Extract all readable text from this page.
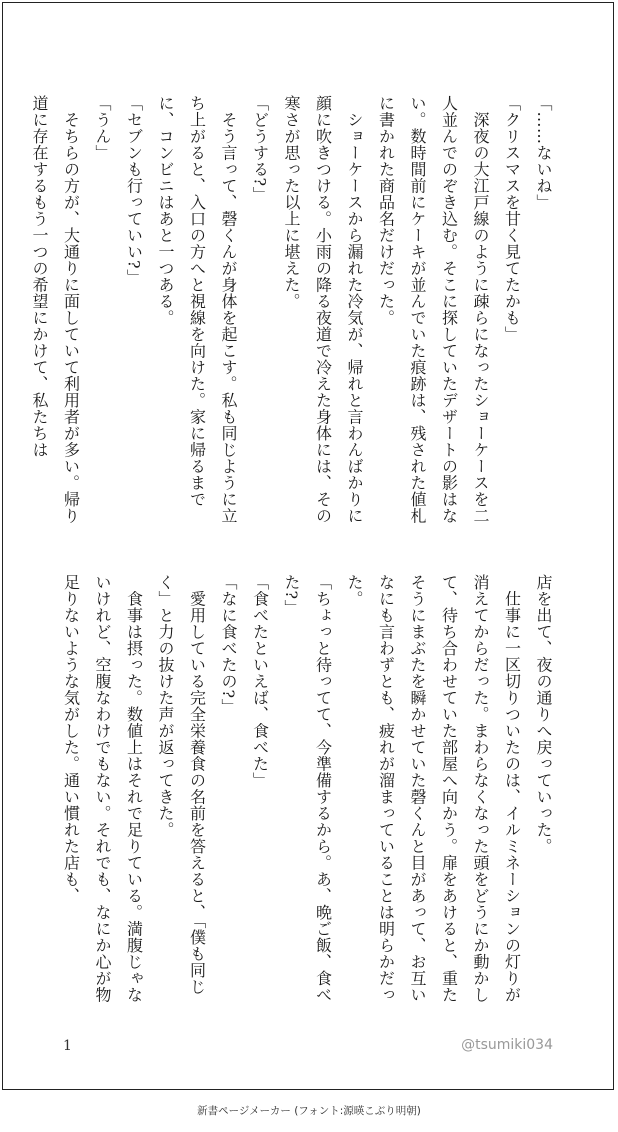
「……ないね」

「クリスマスを甘く見てたかも」

　深夜の大江戸線のように疎らになったショーケースを二人並んでのぞき込む。そこに探していたデザートの影はない。数時間前にケーキが並んでいた痕跡は、残された値札に書かれた商品名だけだった。

　ショーケースから漏れた冷気が、帰れと言わんばかりに顔に吹きつける。小雨の降る夜道で冷えた身体には、その寒さが思った以上に堪えた。

「どうする?」

　そう言って、磬くんが身体を起こす。私も同じように立ち上がると、入口の方へと視線を向けた。家に帰るまでに、コンビニはあと一つある。

「セブンも行っていい?」

「うん」

　そちらの方が、大通りに面していて利用者が多い。帰り道に存在するもう一つの希望にかけて、私たちは

店を出て、夜の通りへ戻っていった。

　仕事に一区切りついたのは、イルミネーションの灯りが消えてからだった。まわらなくなった頭をどうにか動かして、待ち合わせていた部屋へ向かう。扉をあけると、重たそうにまぶたを瞬かせていた磬くんと目があって、お互いなにも言わずとも、疲れが溜まっていることは明らかだった。

「ちょっと待ってて、今準備するから。あ、晩ご飯、食べた?」

「食べたといえば、食べた」

「なに食べたの?」

　愛用している完全栄養食の名前を答えると、「僕も同じく」と力の抜けた声が返ってきた。

　食事は摂った。数値上はそれで足りている。満腹じゃないけれど、空腹なわけでもない。それでも、なにか心が物足りないような気がした。通い慣れた店も、

1	@tsumiki034
新書ページメーカー (フォント:源暎こぶり明朝)
